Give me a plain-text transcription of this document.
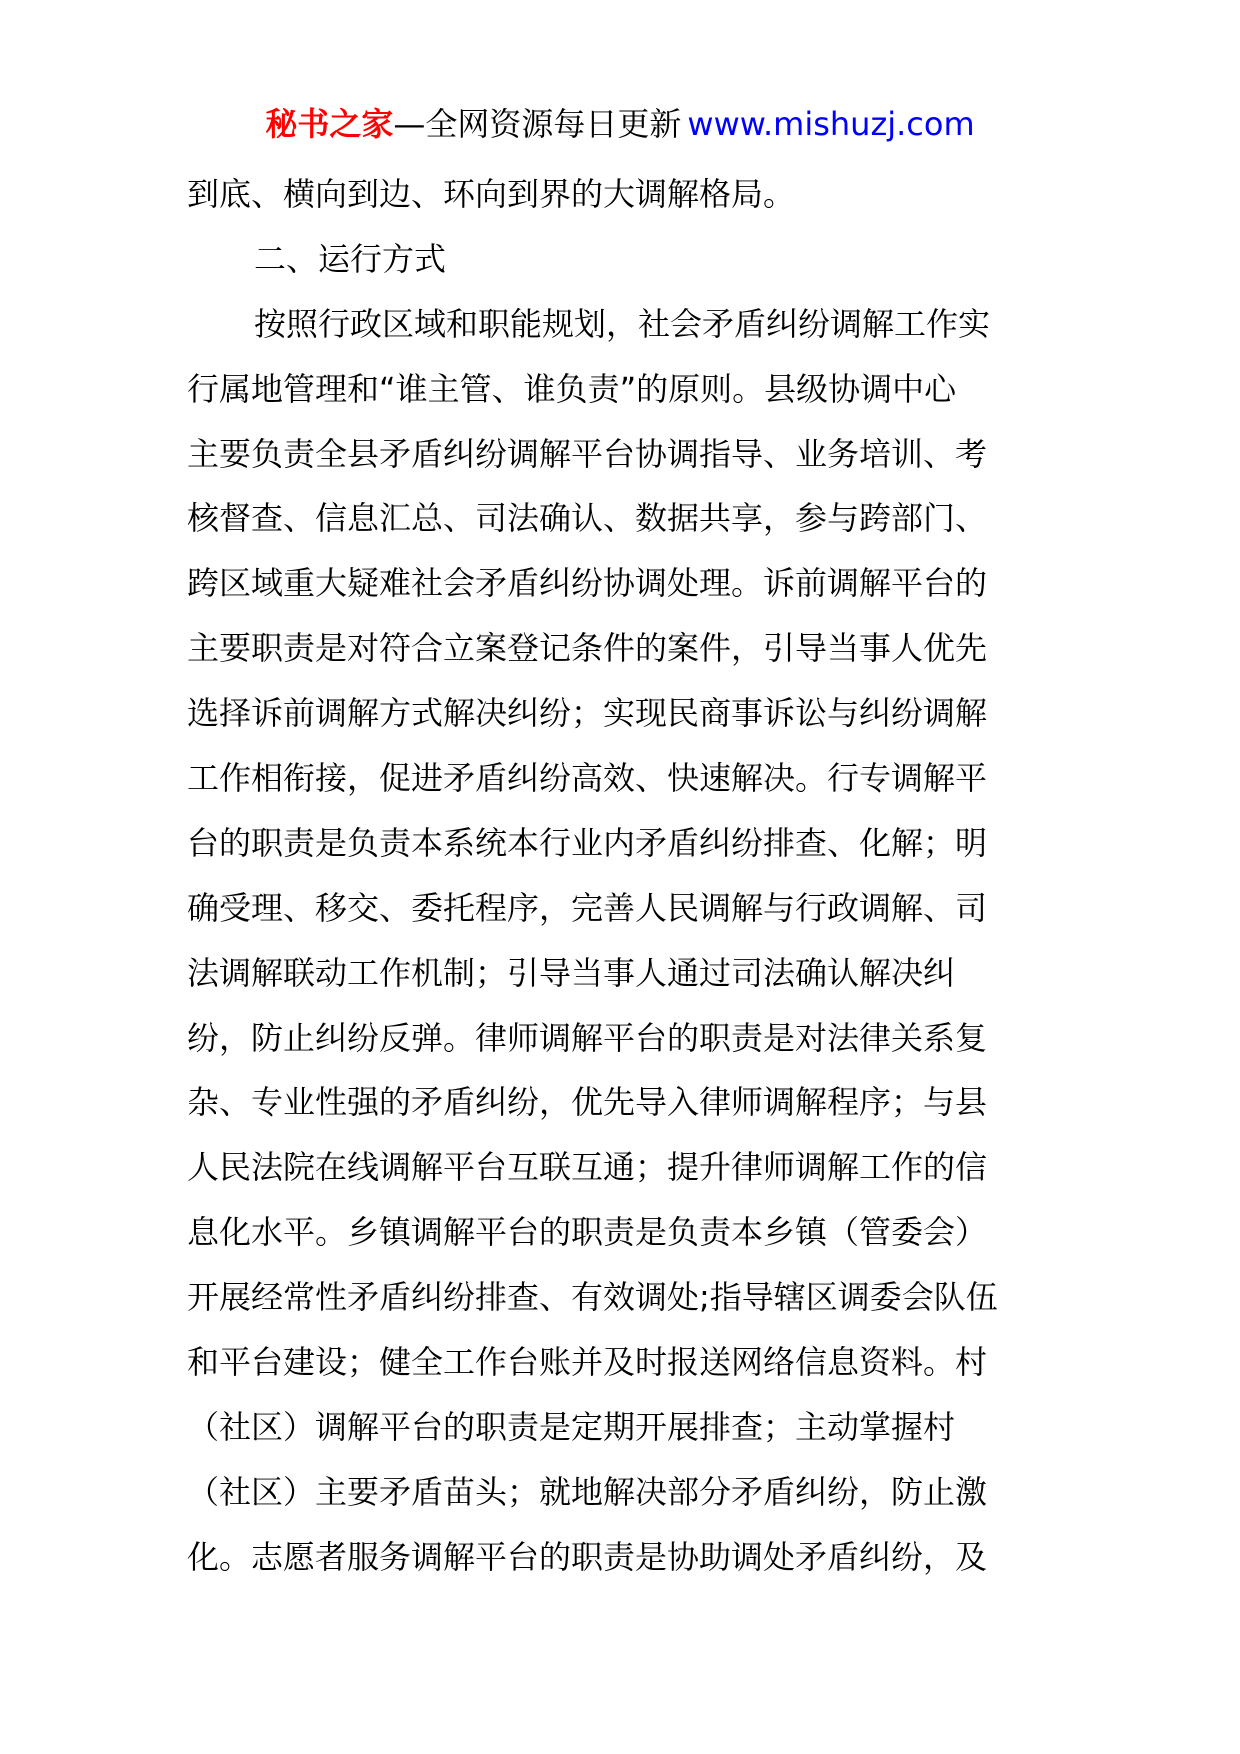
秘书之家—全网资源每日更新 www.mishuzj.com
到底、横向到边、环向到界的大调解格局。
二、运行方式
按照行政区域和职能规划，社会矛盾纠纷调解工作实
行属地管理和“谁主管、谁负责”的原则。县级协调中心
主要负责全县矛盾纠纷调解平台协调指导、业务培训、考
核督查、信息汇总、司法确认、数据共享，参与跨部门、
跨区域重大疑难社会矛盾纠纷协调处理。诉前调解平台的
主要职责是对符合立案登记条件的案件，引导当事人优先
选择诉前调解方式解决纠纷；实现民商事诉讼与纠纷调解
工作相衔接，促进矛盾纠纷高效、快速解决。行专调解平
台的职责是负责本系统本行业内矛盾纠纷排查、化解；明
确受理、移交、委托程序，完善人民调解与行政调解、司
法调解联动工作机制；引导当事人通过司法确认解决纠
纷，防止纠纷反弹。律师调解平台的职责是对法律关系复
杂、专业性强的矛盾纠纷，优先导入律师调解程序；与县
人民法院在线调解平台互联互通；提升律师调解工作的信
息化水平。乡镇调解平台的职责是负责本乡镇（管委会）
开展经常性矛盾纠纷排查、有效调处;指导辖区调委会队伍
和平台建设；健全工作台账并及时报送网络信息资料。村
（社区）调解平台的职责是定期开展排查；主动掌握村
（社区）主要矛盾苗头；就地解决部分矛盾纠纷，防止激
化。志愿者服务调解平台的职责是协助调处矛盾纠纷，及
